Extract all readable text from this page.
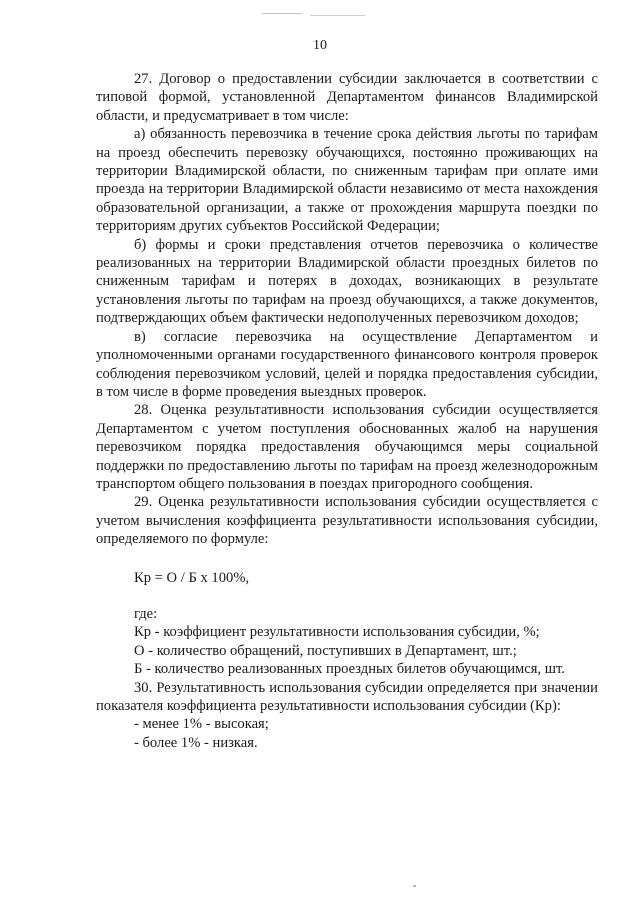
10

27. Договор о предоставлении субсидии заключается в соответствии с типовой формой, установленной Департаментом финансов Владимирской области, и предусматривает в том числе:

а) обязанность перевозчика в течение срока действия льготы по тарифам на проезд обеспечить перевозку обучающихся, постоянно проживающих на территории Владимирской области, по сниженным тарифам при оплате ими проезда на территории Владимирской области независимо от места нахождения образовательной организации, а также от прохождения маршрута поездки по территориям других субъектов Российской Федерации;

б) формы и сроки представления отчетов перевозчика о количестве реализованных на территории Владимирской области проездных билетов по сниженным тарифам и потерях в доходах, возникающих в результате установления льготы по тарифам на проезд обучающихся, а также документов, подтверждающих объем фактически недополученных перевозчиком доходов;

в) согласие перевозчика на осуществление Департаментом и уполномоченными органами государственного финансового контроля проверок соблюдения перевозчиком условий, целей и порядка предоставления субсидии, в том числе в форме проведения выездных проверок.

28. Оценка результативности использования субсидии осуществляется Департаментом с учетом поступления обоснованных жалоб на нарушения перевозчиком порядка предоставления обучающимся меры социальной поддержки по предоставлению льготы по тарифам на проезд железнодорожным транспортом общего пользования в поездах пригородного сообщения.

29. Оценка результативности использования субсидии осуществляется с учетом вычисления коэффициента результативности использования субсидии, определяемого по формуле:

Кр = О / Б х 100%,

где:

Кр - коэффициент результативности использования субсидии, %;

О - количество обращений, поступивших в Департамент, шт.;

Б - количество реализованных проездных билетов обучающимся, шт.

30. Результативность использования субсидии определяется при значении показателя коэффициента результативности использования субсидии (Кр):

- менее 1% - высокая;

- более 1% - низкая.
